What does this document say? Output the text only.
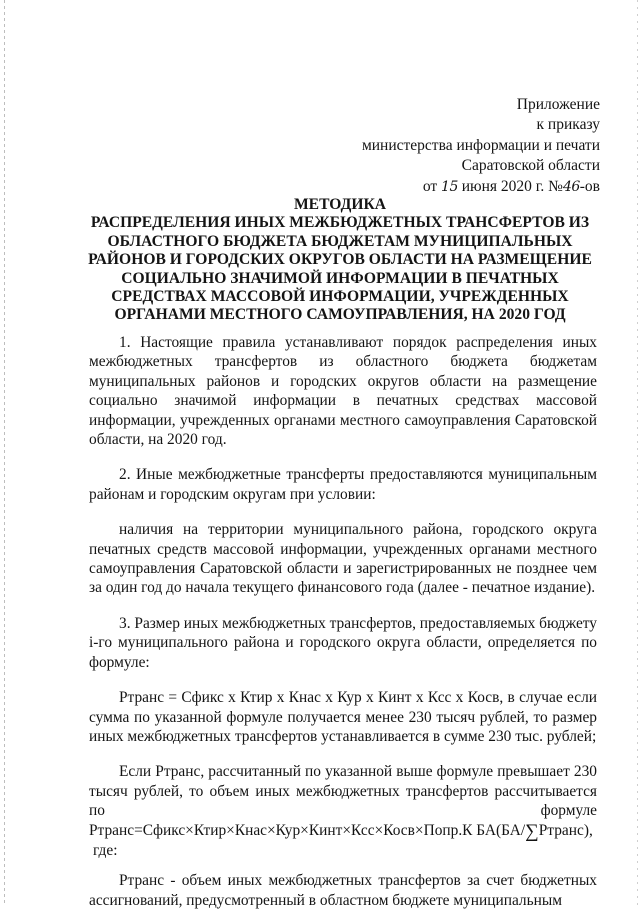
Приложение
к приказу
министерства информации и печати
Саратовской области
от 15 июня 2020 г. №46-ов
МЕТОДИКА
РАСПРЕДЕЛЕНИЯ ИНЫХ МЕЖБЮДЖЕТНЫХ ТРАНСФЕРТОВ ИЗ
ОБЛАСТНОГО БЮДЖЕТА БЮДЖЕТАМ МУНИЦИПАЛЬНЫХ
РАЙОНОВ И ГОРОДСКИХ ОКРУГОВ ОБЛАСТИ НА РАЗМЕЩЕНИЕ
СОЦИАЛЬНО ЗНАЧИМОЙ ИНФОРМАЦИИ В ПЕЧАТНЫХ
СРЕДСТВАХ МАССОВОЙ ИНФОРМАЦИИ, УЧРЕЖДЕННЫХ
ОРГАНАМИ МЕСТНОГО САМОУПРАВЛЕНИЯ, НА 2020 ГОД

1. Настоящие правила устанавливают порядок распределения иных межбюджетных трансфертов из областного бюджета бюджетам муниципальных районов и городских округов области на размещение социально значимой информации в печатных средствах массовой информации, учрежденных органами местного самоуправления Саратовской области, на 2020 год.

2. Иные межбюджетные трансферты предоставляются муниципальным районам и городским округам при условии:

наличия на территории муниципального района, городского округа печатных средств массовой информации, учрежденных органами местного самоуправления Саратовской области и зарегистрированных не позднее чем за один год до начала текущего финансового года (далее - печатное издание).

3. Размер иных межбюджетных трансфертов, предоставляемых бюджету i-го муниципального района и городского округа области, определяется по формуле:

Ртранс = Сфикс х Ктир х Кнас х Кур х Кинт х Ксс х Косв, в случае если сумма по указанной формуле получается менее 230 тысяч рублей, то размер иных межбюджетных трансфертов устанавливается в сумме 230 тыс. рублей;

Если Ртранс, рассчитанный по указанной выше формуле превышает 230 тысяч рублей, то объем иных межбюджетных трансфертов рассчитывается по формуле

Ртранс=Сфикс×Ктир×Кнас×Кур×Кинт×Ксс×Косв×Попр.К БА(БА/∑Ртранс),

где:

Ртранс - объем иных межбюджетных трансфертов за счет бюджетных ассигнований, предусмотренный в областном бюджете муниципальным
